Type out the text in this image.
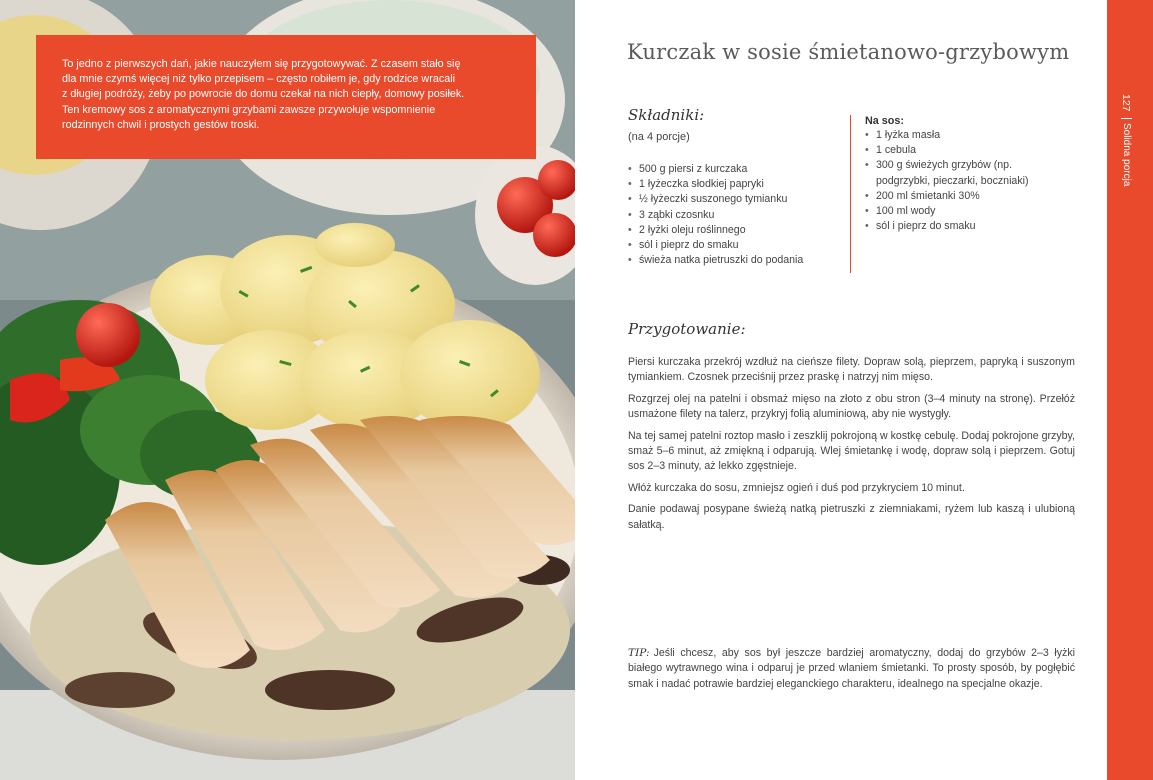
To jedno z pierwszych dań, jakie nauczyłem się przygotowywać. Z czasem stało się
dla mnie czymś więcej niż tylko przepisem – często robiłem je, gdy rodzice wracali
z długiej podróży, żeby po powrocie do domu czekał na nich ciepły, domowy posiłek.
Ten kremowy sos z aromatycznymi grzybami zawsze przywołuje wspomnienie
rodzinnych chwil i prostych gestów troski.

Kurczak w sosie śmietanowo-grzybowym
Składniki:
(na 4 porcje)
• 500 g piersi z kurczaka
• 1 łyżeczka słodkiej papryki
• ½ łyżeczki suszonego tymianku
• 3 ząbki czosnku
• 2 łyżki oleju roślinnego
• sól i pieprz do smaku
• świeża natka pietruszki do podania

Na sos:

• 1 łyżka masła
• 1 cebula
• 300 g świeżych grzybów (np. podgrzybki, pieczarki, boczniaki)
• 200 ml śmietanki 30%
• 100 ml wody
• sól i pieprz do smaku
Przygotowanie:

Piersi kurczaka przekrój wzdłuż na cieńsze filety. Dopraw solą, pieprzem, papryką i suszonym tymiankiem. Czosnek przeciśnij przez praskę i natrzyj nim mięso.

Rozgrzej olej na patelni i obsmaż mięso na złoto z obu stron (3–4 minuty na stronę). Przełóż usmażone filety na talerz, przykryj folią aluminiową, aby nie wystygły.

Na tej samej patelni roztop masło i zeszklij pokrojoną w kostkę cebulę. Dodaj pokrojone grzyby, smaż 5–6 minut, aż zmiękną i odparują. Wlej śmietankę i wodę, dopraw solą i pieprzem. Gotuj sos 2–3 minuty, aż lekko zgęstnieje.

Włóż kurczaka do sosu, zmniejsz ogień i duś pod przykryciem 10 minut.

Danie podawaj posypane świeżą natką pietruszki z ziemniakami, ryżem lub kaszą i ulubioną sałatką.

TIP: Jeśli chcesz, aby sos był jeszcze bardziej aromatyczny, dodaj do grzybów 2–3 łyżki białego wytrawnego wina i odparuj je przed wlaniem śmietanki. To prosty sposób, by pogłębić smak i nadać potrawie bardziej eleganckiego charakteru, idealnego na specjalne okazje.

127 Solidna porcja
